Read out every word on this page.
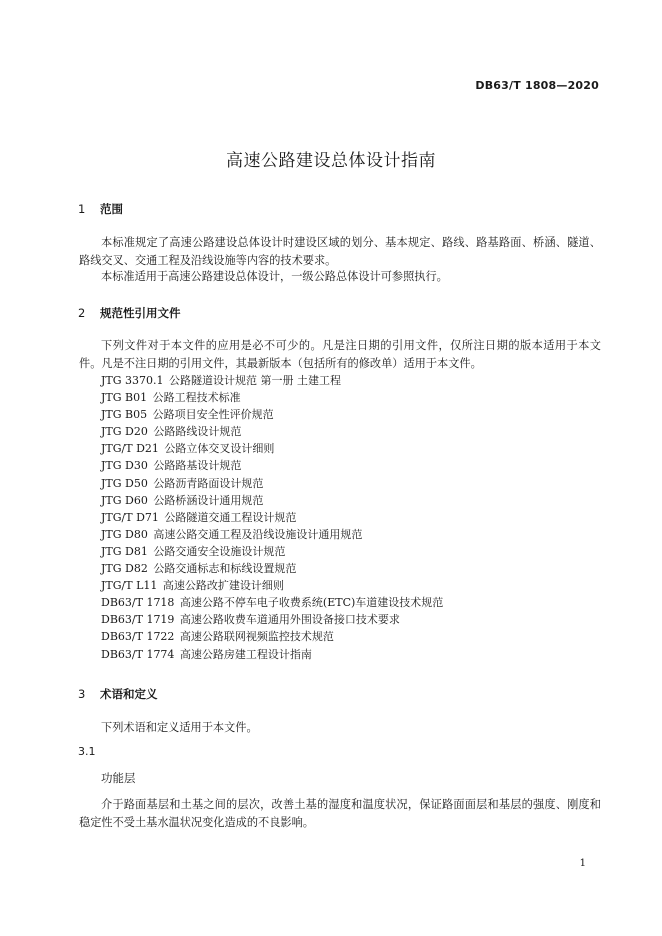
DB63/T 1808—2020
高速公路建设总体设计指南
1 范围
本标准规定了高速公路建设总体设计时建设区域的划分、基本规定、路线、路基路面、桥涵、隧道、路线交叉、交通工程及沿线设施等内容的技术要求。
本标准适用于高速公路建设总体设计，一级公路总体设计可参照执行。
2 规范性引用文件
下列文件对于本文件的应用是必不可少的。凡是注日期的引用文件，仅所注日期的版本适用于本文件。凡是不注日期的引用文件，其最新版本（包括所有的修改单）适用于本文件。
JTG 3370.1  公路隧道设计规范 第一册 土建工程
JTG B01  公路工程技术标准
JTG B05  公路项目安全性评价规范
JTG D20  公路路线设计规范
JTG/T D21  公路立体交叉设计细则
JTG D30  公路路基设计规范
JTG D50  公路沥青路面设计规范
JTG D60  公路桥涵设计通用规范
JTG/T D71  公路隧道交通工程设计规范
JTG D80  高速公路交通工程及沿线设施设计通用规范
JTG D81  公路交通安全设施设计规范
JTG D82  公路交通标志和标线设置规范
JTG/T L11  高速公路改扩建设计细则
DB63/T 1718  高速公路不停车电子收费系统(ETC)车道建设技术规范
DB63/T 1719  高速公路收费车道通用外围设备接口技术要求
DB63/T 1722  高速公路联网视频监控技术规范
DB63/T 1774  高速公路房建工程设计指南
3 术语和定义
下列术语和定义适用于本文件。
3.1
功能层
介于路面基层和土基之间的层次，改善土基的湿度和温度状况，保证路面面层和基层的强度、刚度和稳定性不受土基水温状况变化造成的不良影响。
1
